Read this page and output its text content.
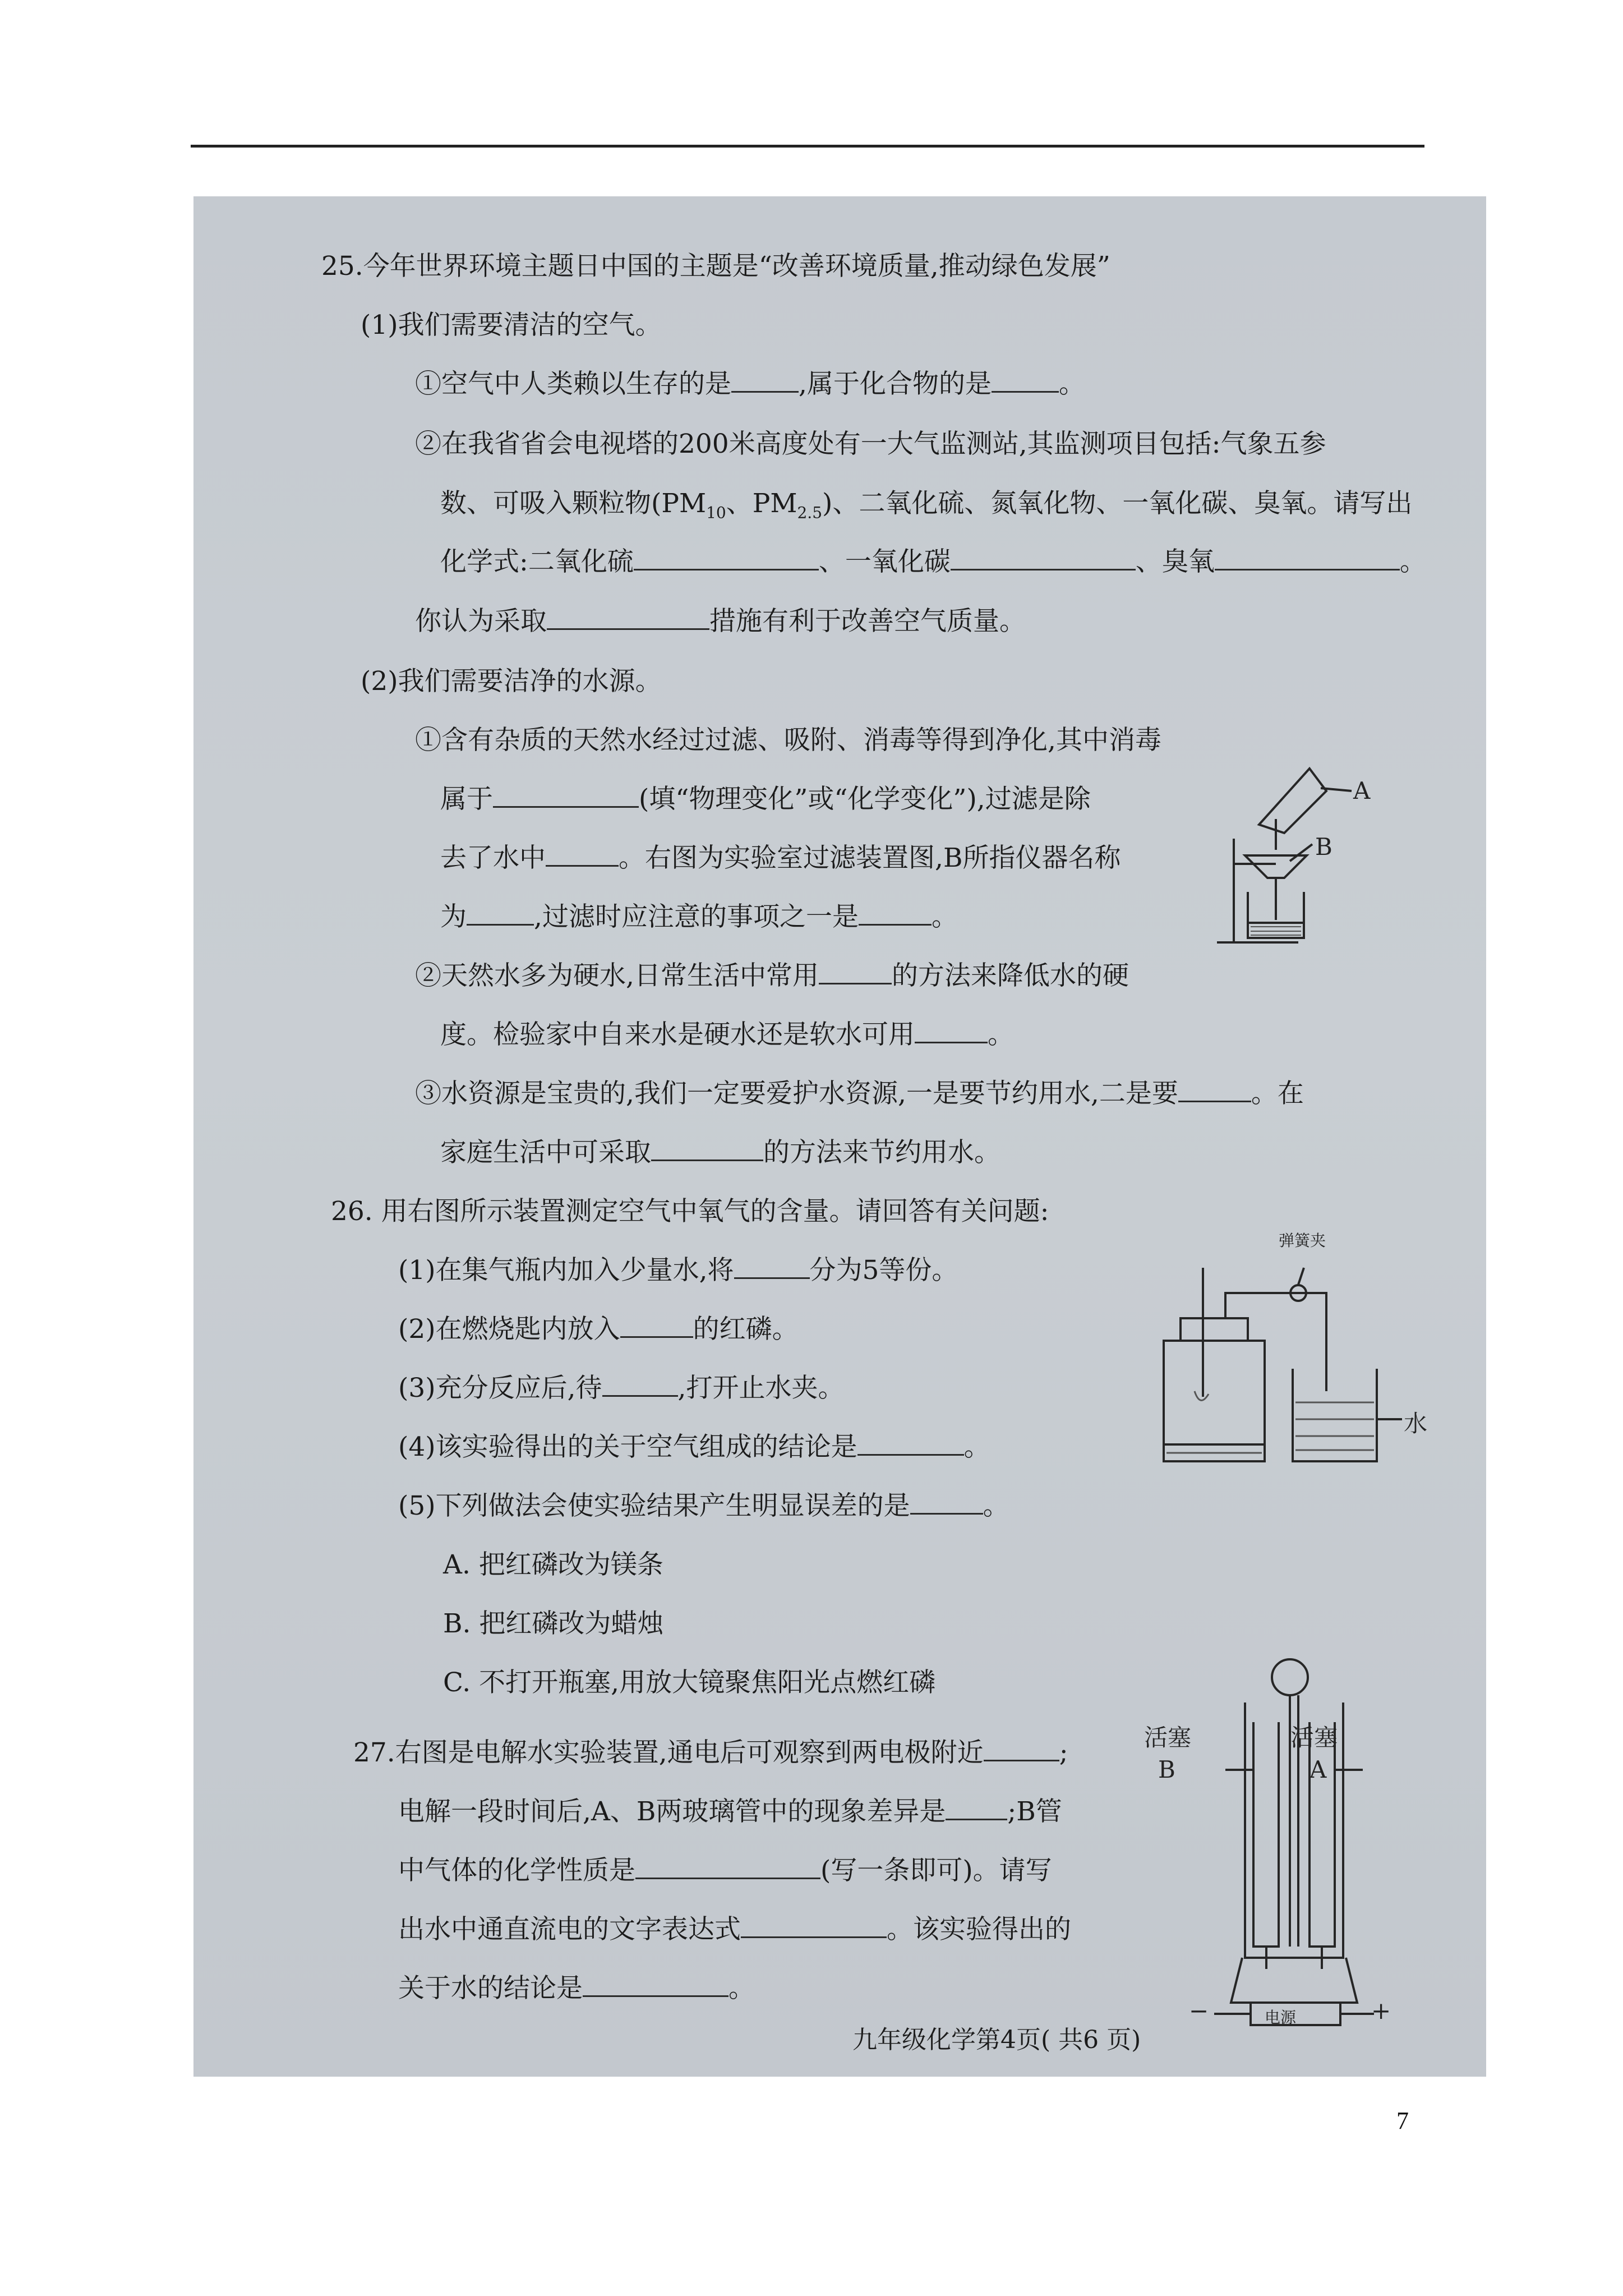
25.今年世界环境主题日中国的主题是“改善环境质量,推动绿色发展”
(1)我们需要清洁的空气。
①空气中人类赖以生存的是	,属于化合物的是	。
②在我省省会电视塔的200米高度处有一大气监测站,其监测项目包括:气象五参
数、可吸入颗粒物($PM_{10}$、$PM_{2.5}$)、二氧化硫、氮氧化物、一氧化碳、臭氧。请写出
化学式:二氧化硫	、一氧化碳	、臭氧	。
你认为采取	措施有利于改善空气质量。
(2)我们需要洁净的水源。
①含有杂质的天然水经过过滤、吸附、消毒等得到净化,其中消毒
属于	(填“物理变化”或“化学变化”),过滤是除
去了水中	。右图为实验室过滤装置图,B所指仪器名称
为	,过滤时应注意的事项之一是	。
②天然水多为硬水,日常生活中常用	的方法来降低水的硬
度。检验家中自来水是硬水还是软水可用	。
③水资源是宝贵的,我们一定要爱护水资源,一是要节约用水,二是要	。在
家庭生活中可采取	的方法来节约用水。
A
B
26. 用右图所示装置测定空气中氧气的含量。请回答有关问题:
(1)在集气瓶内加入少量水,将	分为5等份。
(2)在燃烧匙内放入	的红磷。
(3)充分反应后,待	,打开止水夹。
(4)该实验得出的关于空气组成的结论是	。
(5)下列做法会使实验结果产生明显误差的是	。
A. 把红磷改为镁条
B. 把红磷改为蜡烛
C. 不打开瓶塞,用放大镜聚焦阳光点燃红磷
弹簧夹
水
27.右图是电解水实验装置,通电后可观察到两电极附近	;
电解一段时间后,A、B两玻璃管中的现象差异是 ;B管
中气体的化学性质是	(写一条即可)。请写
出水中通直流电的文字表达式	。该实验得出的
关于水的结论是	。
活塞	活塞
B	A
电源
−	+
九年级化学第4页( 共6 页)
7
